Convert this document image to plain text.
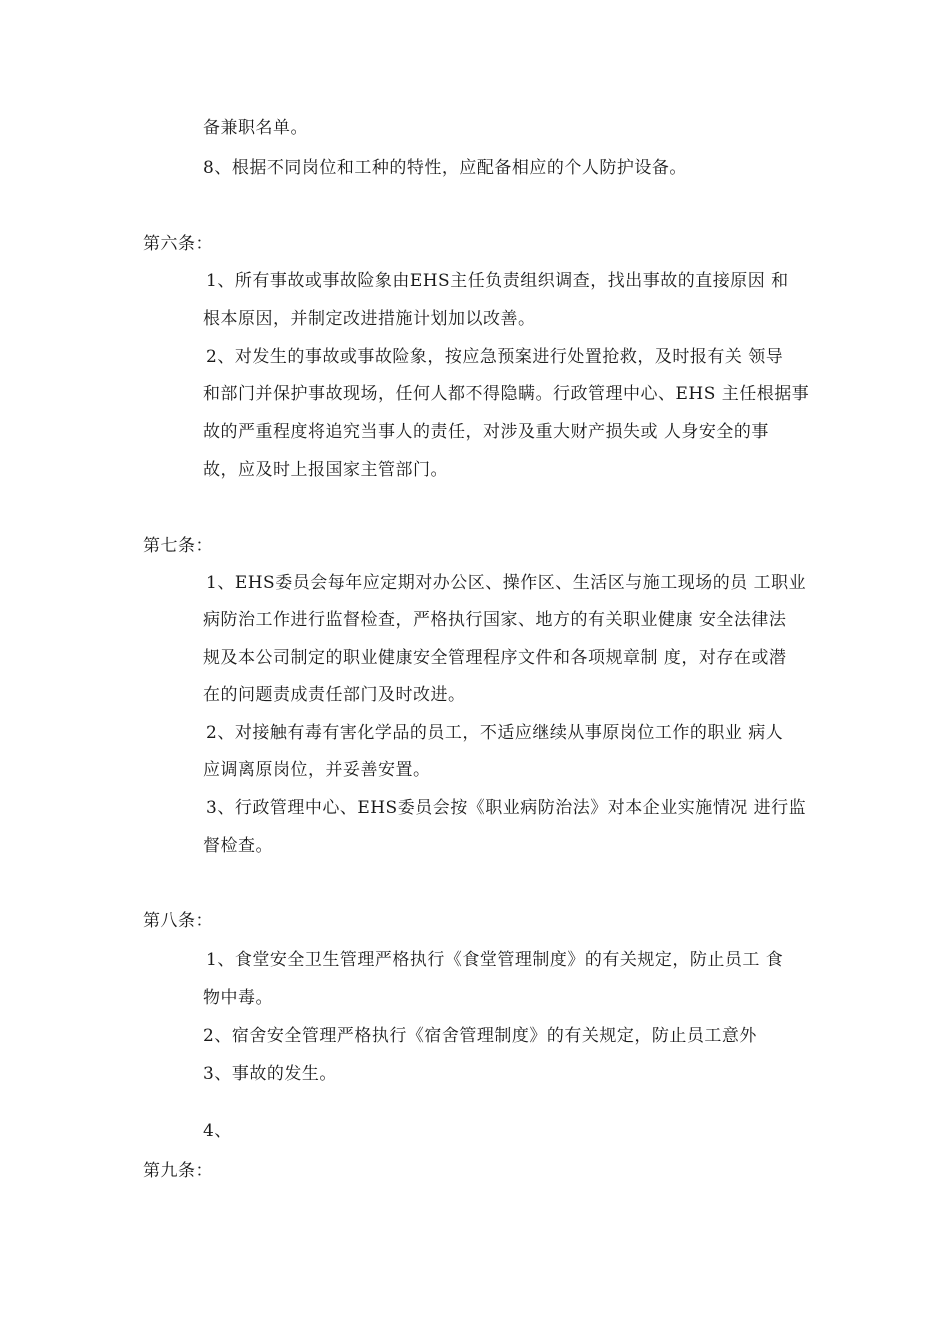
备兼职名单。
8、根据不同岗位和工种的特性，应配备相应的个人防护设备。
第六条：
1、所有事故或事故险象由EHS主任负责组织调查，找出事故的直接原因 和
根本原因，并制定改进措施计划加以改善。
2、对发生的事故或事故险象，按应急预案进行处置抢救，及时报有关 领导
和部门并保护事故现场，任何人都不得隐瞒。行政管理中心、EHS 主任根据事
故的严重程度将追究当事人的责任，对涉及重大财产损失或 人身安全的事
故，应及时上报国家主管部门。
第七条：
1、EHS委员会每年应定期对办公区、操作区、生活区与施工现场的员 工职业
病防治工作进行监督检查，严格执行国家、地方的有关职业健康 安全法律法
规及本公司制定的职业健康安全管理程序文件和各项规章制 度，对存在或潜
在的问题责成责任部门及时改进。
2、对接触有毒有害化学品的员工，不适应继续从事原岗位工作的职业 病人
应调离原岗位，并妥善安置。
3、行政管理中心、EHS委员会按《职业病防治法》对本企业实施情况 进行监
督检查。
第八条：
1、食堂安全卫生管理严格执行《食堂管理制度》的有关规定，防止员工 食
物中毒。
2、宿舍安全管理严格执行《宿舍管理制度》的有关规定，防止员工意外
3、事故的发生。
4、
第九条：
